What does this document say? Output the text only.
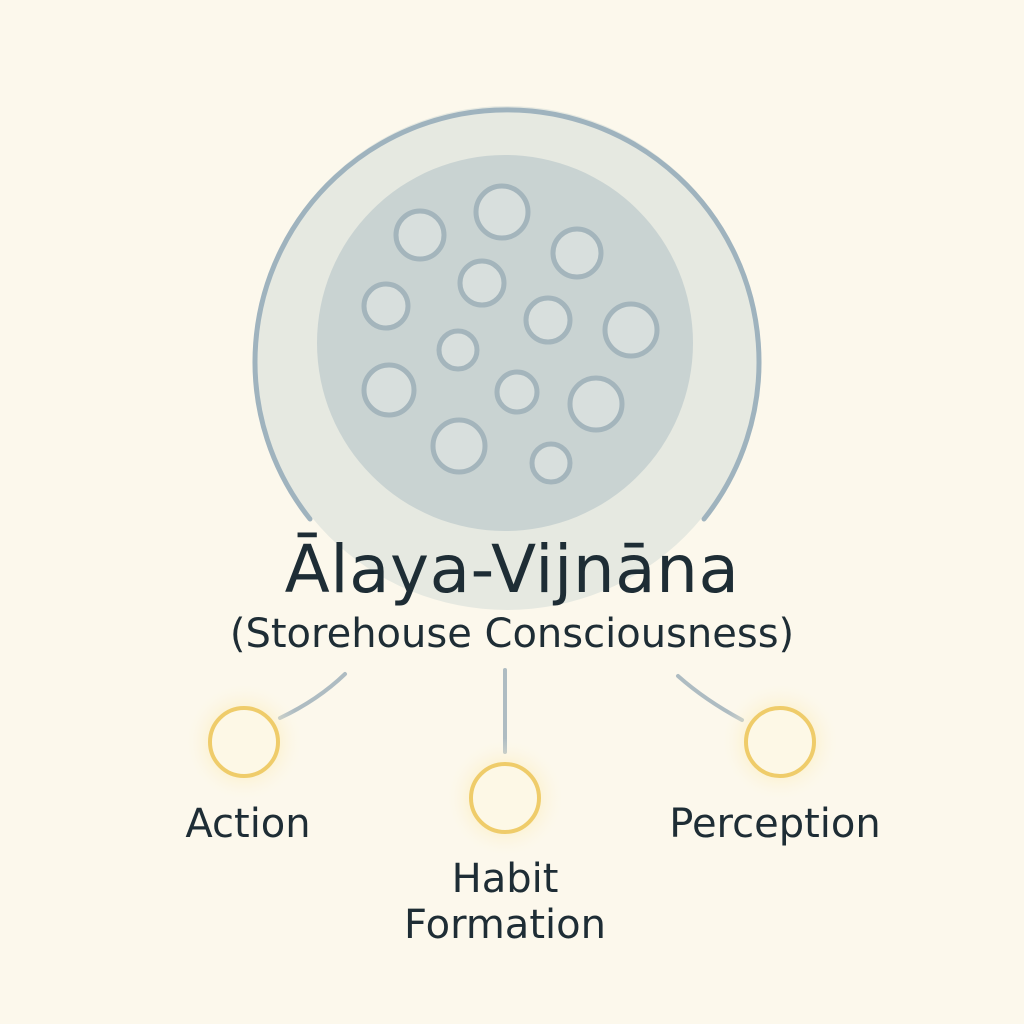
Ālaya-Vijnāna
(Storehouse Consciousness)
Action
Habit
Formation
Perception
